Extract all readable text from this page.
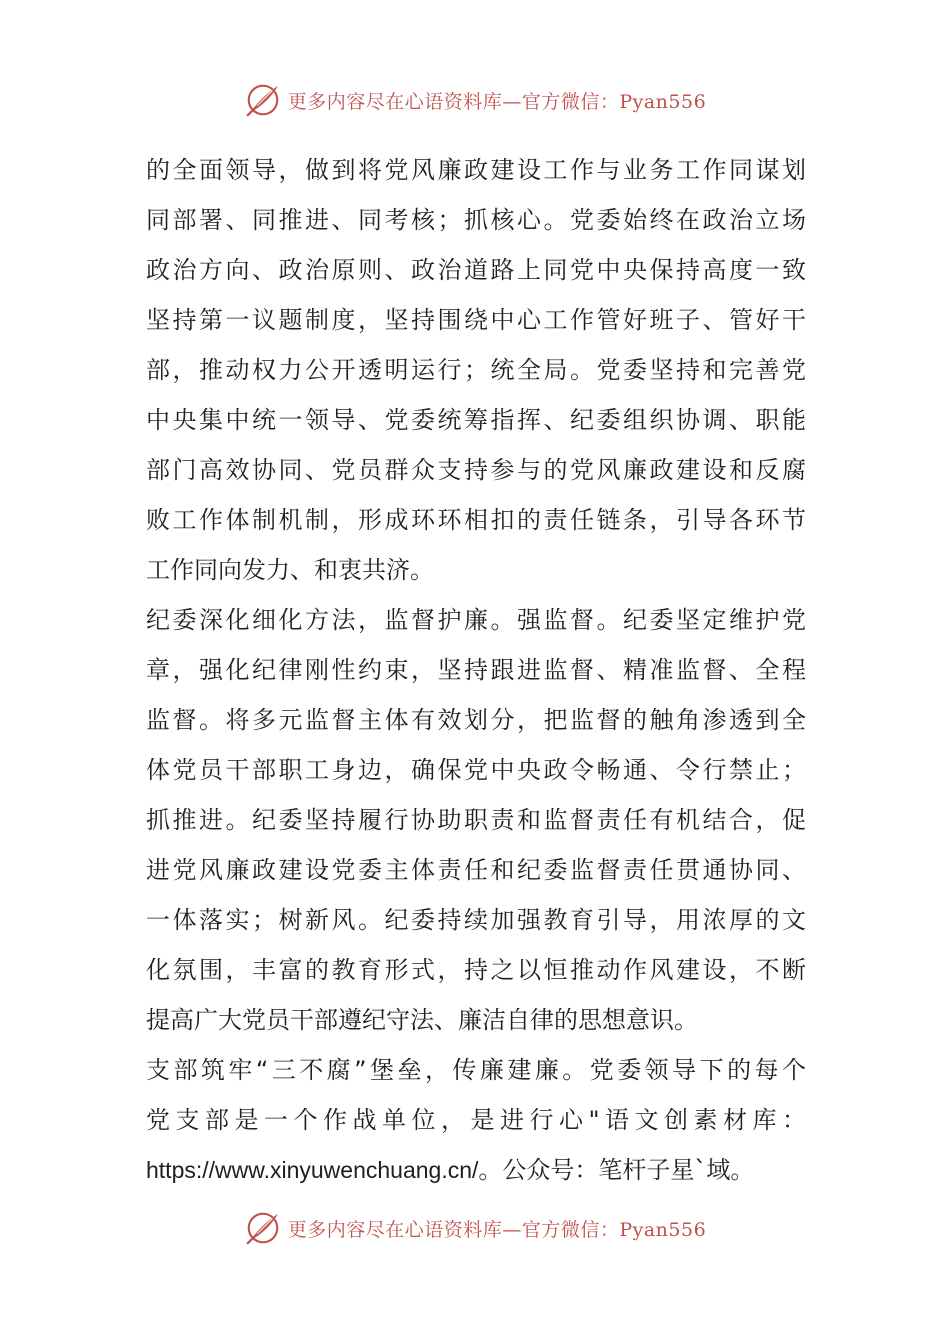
更多内容尽在心语资料库—官方微信：Pyan556
的全面领导，做到将党风廉政建设工作与业务工作同谋划
同部署、同推进、同考核；抓核心。党委始终在政治立场
政治方向、政治原则、政治道路上同党中央保持高度一致
坚持第一议题制度，坚持围绕中心工作管好班子、管好干
部，推动权力公开透明运行；统全局。党委坚持和完善党
中央集中统一领导、党委统筹指挥、纪委组织协调、职能
部门高效协同、党员群众支持参与的党风廉政建设和反腐
败工作体制机制，形成环环相扣的责任链条，引导各环节
工作同向发力、和衷共济。
纪委深化细化方法，监督护廉。强监督。纪委坚定维护党
章，强化纪律刚性约束，坚持跟进监督、精准监督、全程
监督。将多元监督主体有效划分，把监督的触角渗透到全
体党员干部职工身边，确保党中央政令畅通、令行禁止；
抓推进。纪委坚持履行协助职责和监督责任有机结合，促
进党风廉政建设党委主体责任和纪委监督责任贯通协同、
一体落实；树新风。纪委持续加强教育引导，用浓厚的文
化氛围，丰富的教育形式，持之以恒推动作风建设，不断
提高广大党员干部遵纪守法、廉洁自律的思想意识。
支部筑牢“三不腐”堡垒，传廉建廉。党委领导下的每个
党支部是一个作战单位，是进行心"语文创素材库：
https://www.xinyuwenchuang.cn/。公众号：笔杆子星`域。
更多内容尽在心语资料库—官方微信：Pyan556
